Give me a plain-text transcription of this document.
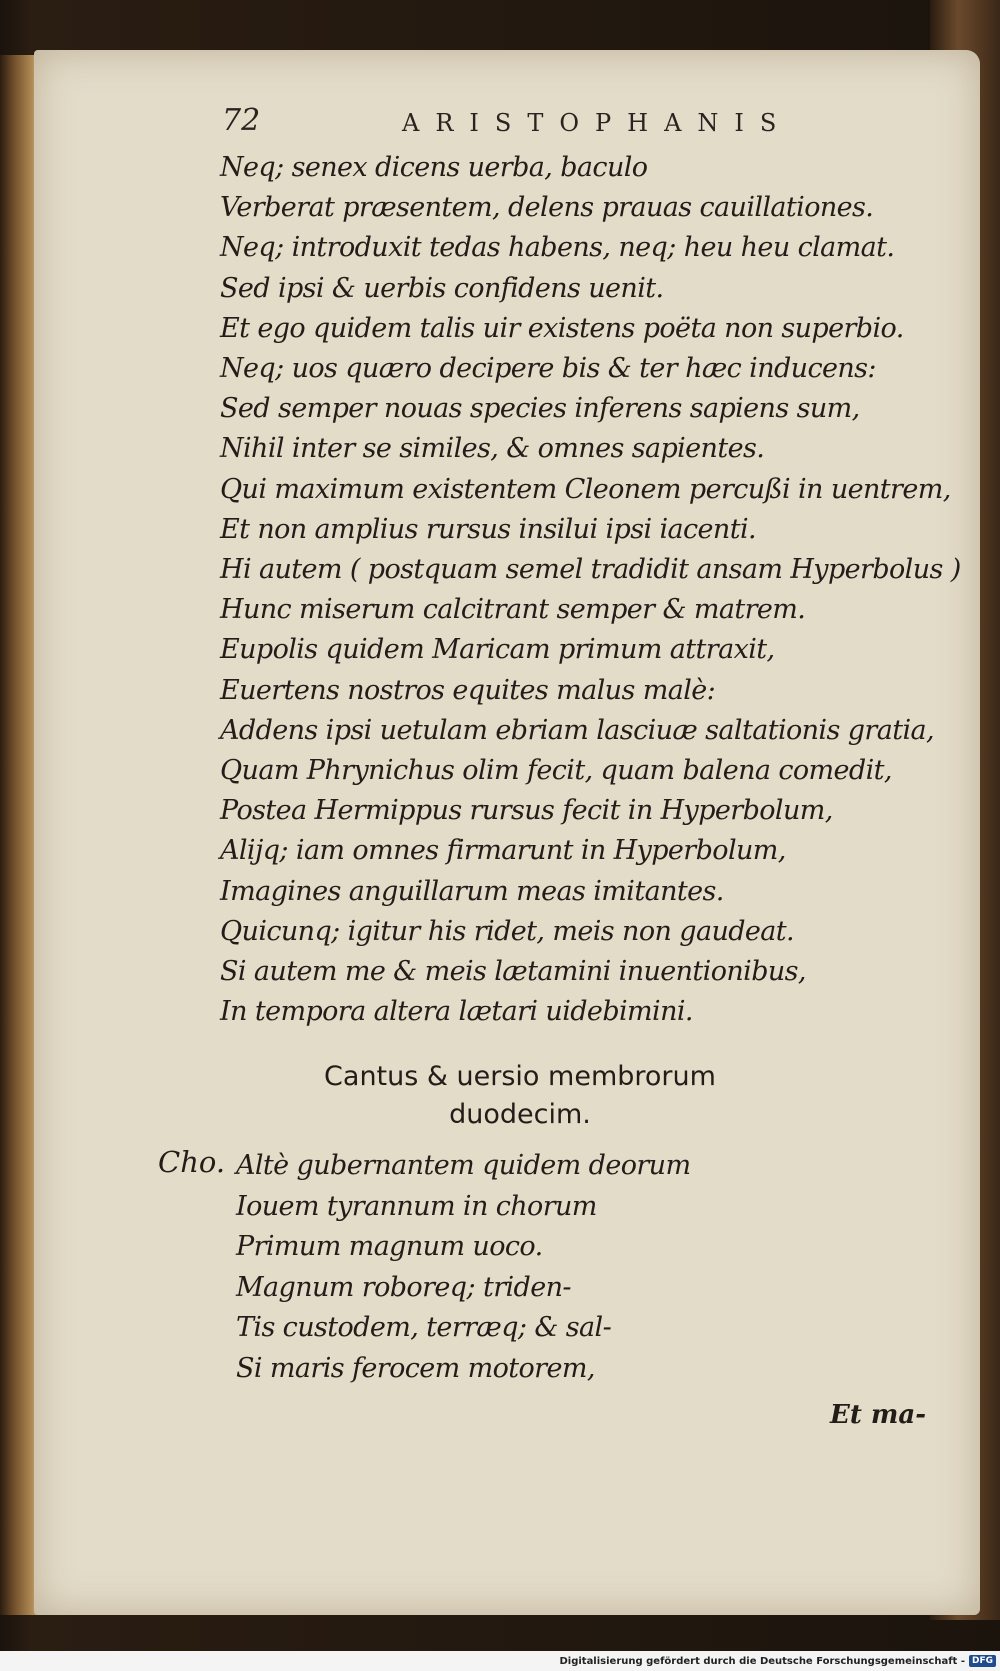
72	ARISTOPHANIS
Neq; senex dicens uerba, baculo
Verberat præsentem, delens prauas cauillationes.
Neq; introduxit tedas habens, neq; heu heu clamat.
Sed ipsi & uerbis confidens uenit.
Et ego quidem talis uir existens poëta non superbio.
Neq; uos quæro decipere bis & ter hæc inducens:
Sed semper nouas species inferens sapiens sum,
Nihil inter se similes, & omnes sapientes.
Qui maximum existentem Cleonem percußi in uentrem,
Et non amplius rursus insilui ipsi iacenti.
Hi autem ( postquam semel tradidit ansam Hyperbolus )
Hunc miserum calcitrant semper & matrem.
Eupolis quidem Maricam primum attraxit,
Euertens nostros equites malus malè:
Addens ipsi uetulam ebriam lasciuæ saltationis gratia,
Quam Phrynichus olim fecit, quam balena comedit,
Postea Hermippus rursus fecit in Hyperbolum,
Alijq; iam omnes firmarunt in Hyperbolum,
Imagines anguillarum meas imitantes.
Quicunq; igitur his ridet, meis non gaudeat.
Si autem me & meis lætamini inuentionibus,
In tempora altera lætari uidebimini.
Cantus & uersio membrorum
duodecim.
Cho. Altè gubernantem quidem deorum
Iouem tyrannum in chorum
Primum magnum uoco.
Magnum roboreq; triden-
Tis custodem, terræq; & sal-
Si maris ferocem motorem,
Et ma-
Digitalisierung gefördert durch die Deutsche Forschungsgemeinschaft - DFG
